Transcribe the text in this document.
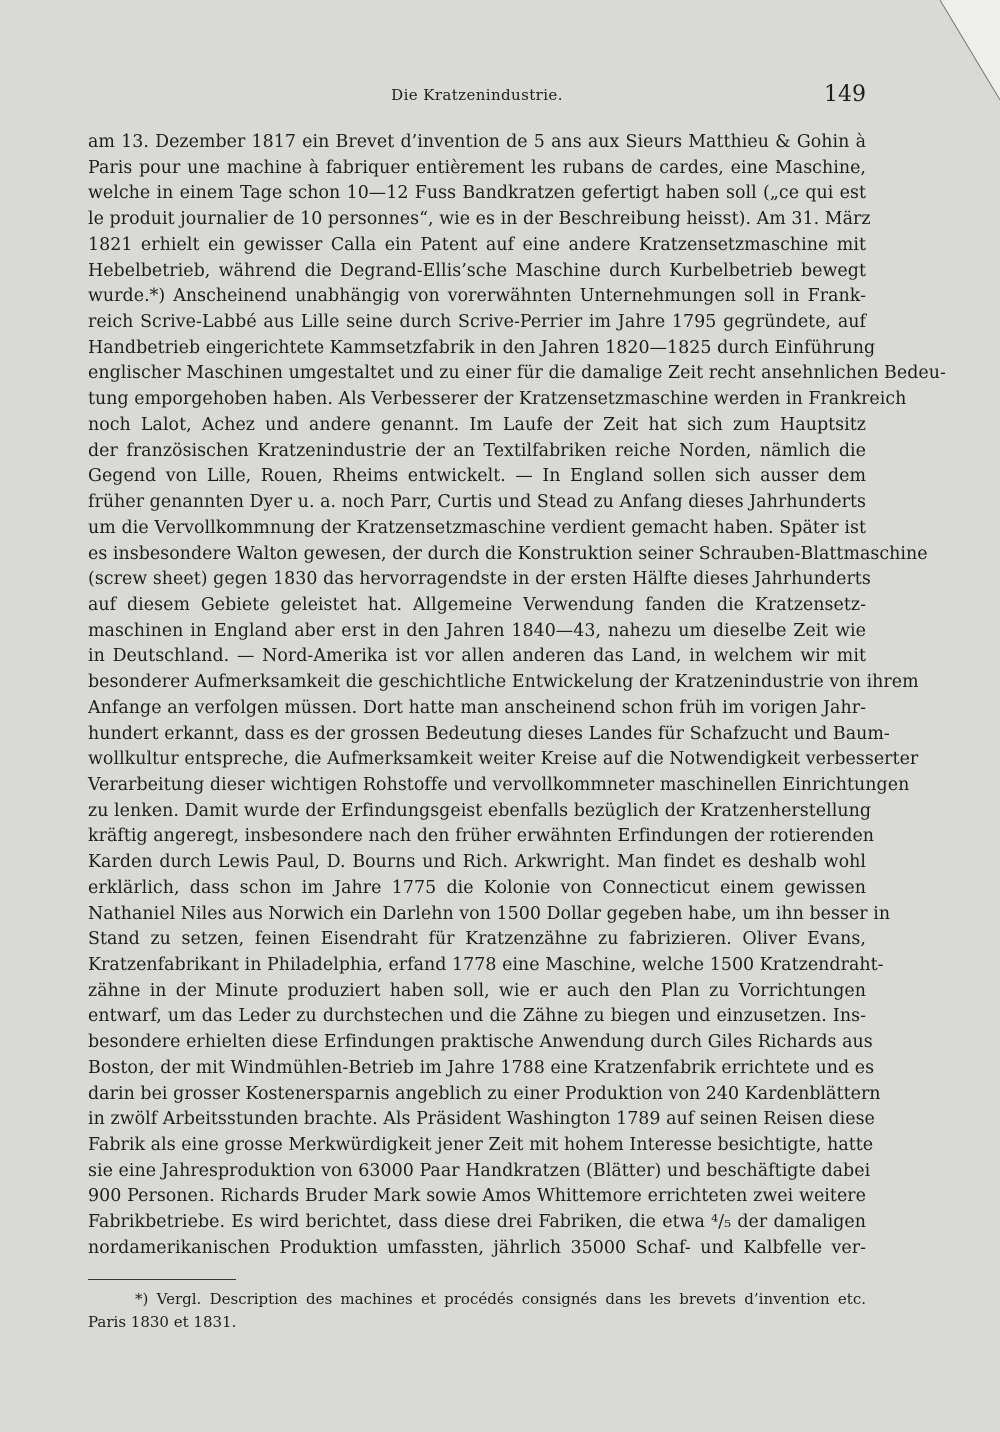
Die Kratzenindustrie.	149
am 13. Dezember 1817 ein Brevet d’invention de 5 ans aux Sieurs Matthieu & Gohin à
Paris pour une machine à fabriquer entièrement les rubans de cardes, eine Maschine,
welche in einem Tage schon 10—12 Fuss Bandkratzen gefertigt haben soll („ce qui est
le produit journalier de 10 personnes“, wie es in der Beschreibung heisst). Am 31. März
1821 erhielt ein gewisser Calla ein Patent auf eine andere Kratzensetzmaschine mit
Hebelbetrieb, während die Degrand-Ellis’sche Maschine durch Kurbelbetrieb bewegt
wurde.*) Anscheinend unabhängig von vorerwähnten Unternehmungen soll in Frank-
reich Scrive-Labbé aus Lille seine durch Scrive-Perrier im Jahre 1795 gegründete, auf
Handbetrieb eingerichtete Kammsetzfabrik in den Jahren 1820—1825 durch Einführung
englischer Maschinen umgestaltet und zu einer für die damalige Zeit recht ansehnlichen Bedeu-
tung emporgehoben haben. Als Verbesserer der Kratzensetzmaschine werden in Frankreich
noch Lalot, Achez und andere genannt. Im Laufe der Zeit hat sich zum Hauptsitz
der französischen Kratzenindustrie der an Textilfabriken reiche Norden, nämlich die
Gegend von Lille, Rouen, Rheims entwickelt. — In England sollen sich ausser dem
früher genannten Dyer u. a. noch Parr, Curtis und Stead zu Anfang dieses Jahrhunderts
um die Vervollkommnung der Kratzensetzmaschine verdient gemacht haben. Später ist
es insbesondere Walton gewesen, der durch die Konstruktion seiner Schrauben-Blattmaschine
(screw sheet) gegen 1830 das hervorragendste in der ersten Hälfte dieses Jahrhunderts
auf diesem Gebiete geleistet hat. Allgemeine Verwendung fanden die Kratzensetz-
maschinen in England aber erst in den Jahren 1840—43, nahezu um dieselbe Zeit wie
in Deutschland. — Nord-Amerika ist vor allen anderen das Land, in welchem wir mit
besonderer Aufmerksamkeit die geschichtliche Entwickelung der Kratzenindustrie von ihrem
Anfange an verfolgen müssen. Dort hatte man anscheinend schon früh im vorigen Jahr-
hundert erkannt, dass es der grossen Bedeutung dieses Landes für Schafzucht und Baum-
wollkultur entspreche, die Aufmerksamkeit weiter Kreise auf die Notwendigkeit verbesserter
Verarbeitung dieser wichtigen Rohstoffe und vervollkommneter maschinellen Einrichtungen
zu lenken. Damit wurde der Erfindungsgeist ebenfalls bezüglich der Kratzenherstellung
kräftig angeregt, insbesondere nach den früher erwähnten Erfindungen der rotierenden
Karden durch Lewis Paul, D. Bourns und Rich. Arkwright. Man findet es deshalb wohl
erklärlich, dass schon im Jahre 1775 die Kolonie von Connecticut einem gewissen
Nathaniel Niles aus Norwich ein Darlehn von 1500 Dollar gegeben habe, um ihn besser in
Stand zu setzen, feinen Eisendraht für Kratzenzähne zu fabrizieren. Oliver Evans,
Kratzenfabrikant in Philadelphia, erfand 1778 eine Maschine, welche 1500 Kratzendraht-
zähne in der Minute produziert haben soll, wie er auch den Plan zu Vorrichtungen
entwarf, um das Leder zu durchstechen und die Zähne zu biegen und einzusetzen. Ins-
besondere erhielten diese Erfindungen praktische Anwendung durch Giles Richards aus
Boston, der mit Windmühlen-Betrieb im Jahre 1788 eine Kratzenfabrik errichtete und es
darin bei grosser Kostenersparnis angeblich zu einer Produktion von 240 Kardenblättern
in zwölf Arbeitsstunden brachte. Als Präsident Washington 1789 auf seinen Reisen diese
Fabrik als eine grosse Merkwürdigkeit jener Zeit mit hohem Interesse besichtigte, hatte
sie eine Jahresproduktion von 63000 Paar Handkratzen (Blätter) und beschäftigte dabei
900 Personen. Richards Bruder Mark sowie Amos Whittemore errichteten zwei weitere
Fabrikbetriebe. Es wird berichtet, dass diese drei Fabriken, die etwa ⁴/₅ der damaligen
nordamerikanischen Produktion umfassten, jährlich 35000 Schaf- und Kalbfelle ver-
*) Vergl. Description des machines et procédés consignés dans les brevets d’invention etc.
Paris 1830 et 1831.
